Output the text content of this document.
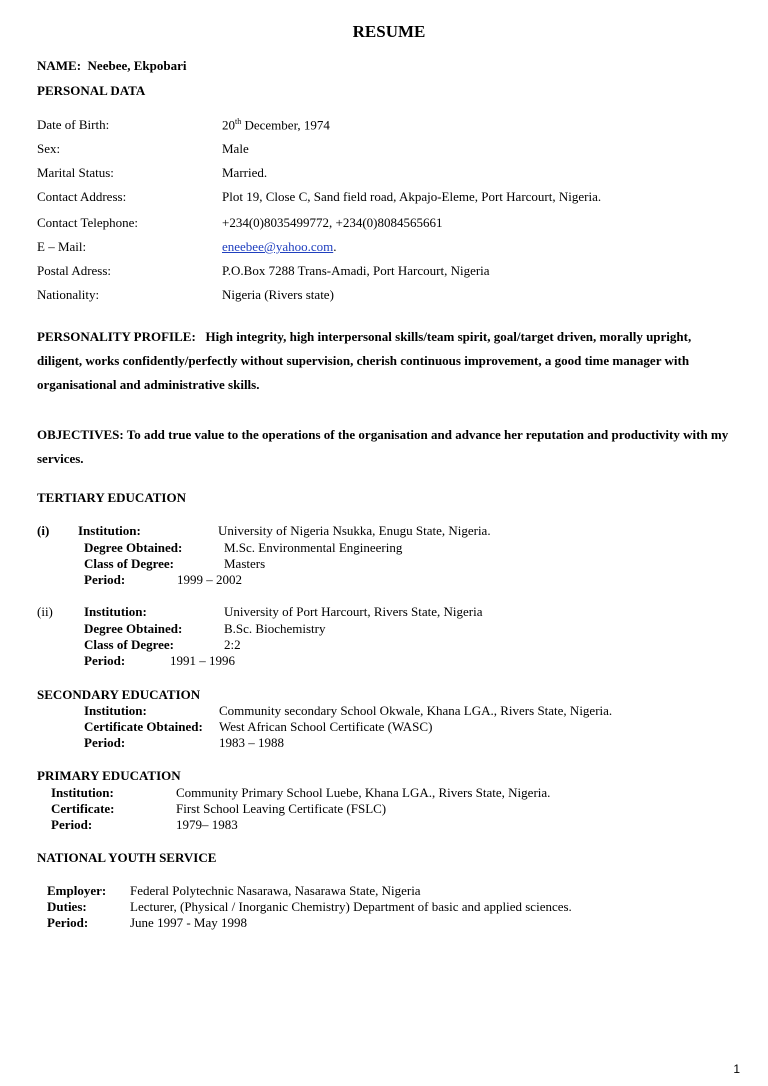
RESUME
NAME: Neebee, Ekpobari
PERSONAL DATA
Date of Birth:	20th December, 1974
Sex:	Male
Marital Status:	Married.
Contact Address:	Plot 19, Close C, Sand field road, Akpajo-Eleme, Port Harcourt, Nigeria.
Contact Telephone:	+234(0)8035499772, +234(0)8084565661
E – Mail:	eneebee@yahoo.com.
Postal Adress:	P.O.Box 7288 Trans-Amadi, Port Harcourt, Nigeria
Nationality:	Nigeria (Rivers state)
PERSONALITY PROFILE: High integrity, high interpersonal skills/team spirit, goal/target driven, morally upright, diligent, works confidently/perfectly without supervision, cherish continuous improvement, a good time manager with organisational and administrative skills.
OBJECTIVES: To add true value to the operations of the organisation and advance her reputation and productivity with my services.
TERTIARY EDUCATION
(i) Institution:	University of Nigeria Nsukka, Enugu State, Nigeria.
Degree Obtained:	M.Sc. Environmental Engineering
Class of Degree:	Masters
Period:	1999 – 2002
(ii) Institution:	University of Port Harcourt, Rivers State, Nigeria
Degree Obtained:	B.Sc. Biochemistry
Class of Degree:	2:2
Period:	1991 – 1996
SECONDARY EDUCATION
Institution:	Community secondary School Okwale, Khana LGA., Rivers State, Nigeria.
Certificate Obtained: West African School Certificate (WASC)
Period:	1983 – 1988
PRIMARY EDUCATION
Institution:	Community Primary School Luebe, Khana LGA., Rivers State, Nigeria.
Certificate:	First School Leaving Certificate (FSLC)
Period:	1979– 1983
NATIONAL YOUTH SERVICE
Employer: Federal Polytechnic Nasarawa, Nasarawa State, Nigeria
Duties:	Lecturer, (Physical / Inorganic Chemistry) Department of basic and applied sciences.
Period:	June 1997 - May 1998
1
